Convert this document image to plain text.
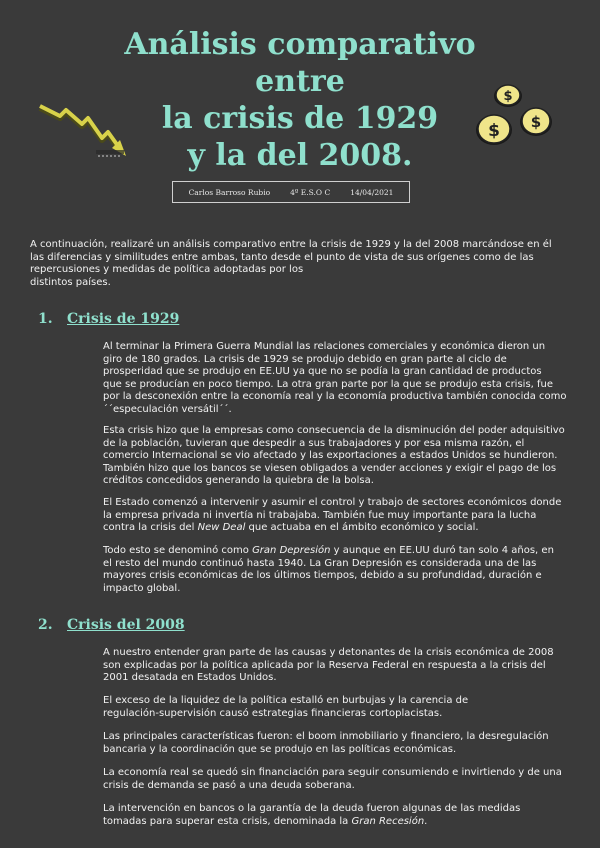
Análisis comparativo
entre
la crisis de 1929
y la del 2008.
$
$
$
Carlos Barroso Rubio	4º E.S.O C	14/04/2021
A continuación, realizaré un análisis comparativo entre la crisis de 1929 y la del 2008 marcándose en él
las diferencias y similitudes entre ambas, tanto desde el punto de vista de sus orígenes como de las
repercusiones y medidas de política adoptadas por los
distintos países.
1.	Crisis de 1929
Al terminar la Primera Guerra Mundial las relaciones comerciales y económica dieron un
giro de 180 grados. La crisis de 1929 se produjo debido en gran parte al ciclo de
prosperidad que se produjo en EE.UU ya que no se podía la gran cantidad de productos
que se producían en poco tiempo. La otra gran parte por la que se produjo esta crisis, fue
por la desconexión entre la economía real y la economía productiva también conocida como
´´especulación versátil´´.
Esta crisis hizo que la empresas como consecuencia de la disminución del poder adquisitivo
de la población, tuvieran que despedir a sus trabajadores y por esa misma razón, el
comercio Internacional se vio afectado y las exportaciones a estados Unidos se hundieron.
También hizo que los bancos se viesen obligados a vender acciones y exigir el pago de los
créditos concedidos generando la quiebra de la bolsa.
El Estado comenzó a intervenir y asumir el control y trabajo de sectores económicos donde
la empresa privada ni invertía ni trabajaba. También fue muy importante para la lucha
contra la crisis del New Deal que actuaba en el ámbito económico y social.
Todo esto se denominó como Gran Depresión y aunque en EE.UU duró tan solo 4 años, en
el resto del mundo continuó hasta 1940. La Gran Depresión es considerada una de las
mayores crisis económicas de los últimos tiempos, debido a su profundidad, duración e
impacto global.
2.	Crisis del 2008
A nuestro entender gran parte de las causas y detonantes de la crisis económica de 2008
son explicadas por la política aplicada por la Reserva Federal en respuesta a la crisis del
2001 desatada en Estados Unidos.
El exceso de la liquidez de la política estalló en burbujas y la carencia de
regulación-supervisión causó estrategias financieras cortoplacistas.
Las principales características fueron: el boom inmobiliario y financiero, la desregulación
bancaria y la coordinación que se produjo en las políticas económicas.
La economía real se quedó sin financiación para seguir consumiendo e invirtiendo y de una
crisis de demanda se pasó a una deuda soberana.
La intervención en bancos o la garantía de la deuda fueron algunas de las medidas
tomadas para superar esta crisis, denominada la Gran Recesión.
